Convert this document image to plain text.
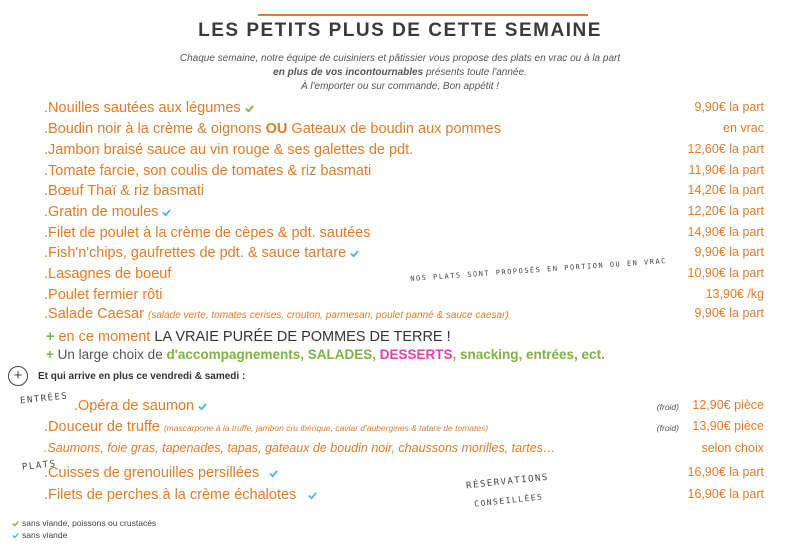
LES PETITS PLUS DE CETTE SEMAINE
Chaque semaine, notre équipe de cuisiniers et pâtissier vous propose des plats en vrac ou à la part
en plus de vos incontournables présents toute l'année.
À l'emporter ou sur commande, Bon appétit !
.Nouilles sautées aux légumes	9,90€ la part
.Boudin noir à la crème & oignons OU Gateaux de boudin aux pommes	en vrac
.Jambon braisé sauce au vin rouge & ses galettes de pdt.	12,60€ la part
.Tomate farcie, son coulis de tomates & riz basmati	11,90€ la part
.Bœuf Thaï & riz basmati	14,20€ la part
.Gratin de moules	12,20€ la part
.Filet de poulet à la crème de cèpes & pdt. sautées	14,90€ la part
.Fish'n'chips, gaufrettes de pdt. & sauce tartare	9,90€ la part
.Lasagnes de boeuf	10,90€ la part
.Poulet fermier rôti	13,90€ /kg
.Salade Caesar (salade verte, tomates cerises, crouton, parmesan, poulet panné & sauce caesar)	9,90€ la part
NOS PLATS SONT PROPOSÉS EN PORTION OU EN VRAC
+ en ce moment LA VRAIE PURÉE DE POMMES DE TERRE !
+ Un large choix de d'accompagnements, SALADES, DESSERTS, snacking, entrées, ect.
+	Et qui arrive en plus ce vendredi & samedi :
ENTRÉES
PLATS
.Opéra de saumon	(froid) 12,90€ pièce
.Douceur de truffe (mascarpone à la truffe, jambon cru ibérique, caviar d'aubergines & tatare de tomates)	(froid) 13,90€ pièce
.Saumons, foie gras, tapenades, tapas, gateaux de boudin noir, chaussons morilles, tartes…	selon choix
.Cuisses de grenouilles persillées	16,90€ la part
.Filets de perches à la crème échalotes	16,90€ la part
RÉSERVATIONS
CONSEILLÉES
sans viande, poissons ou crustacés
sans viande
